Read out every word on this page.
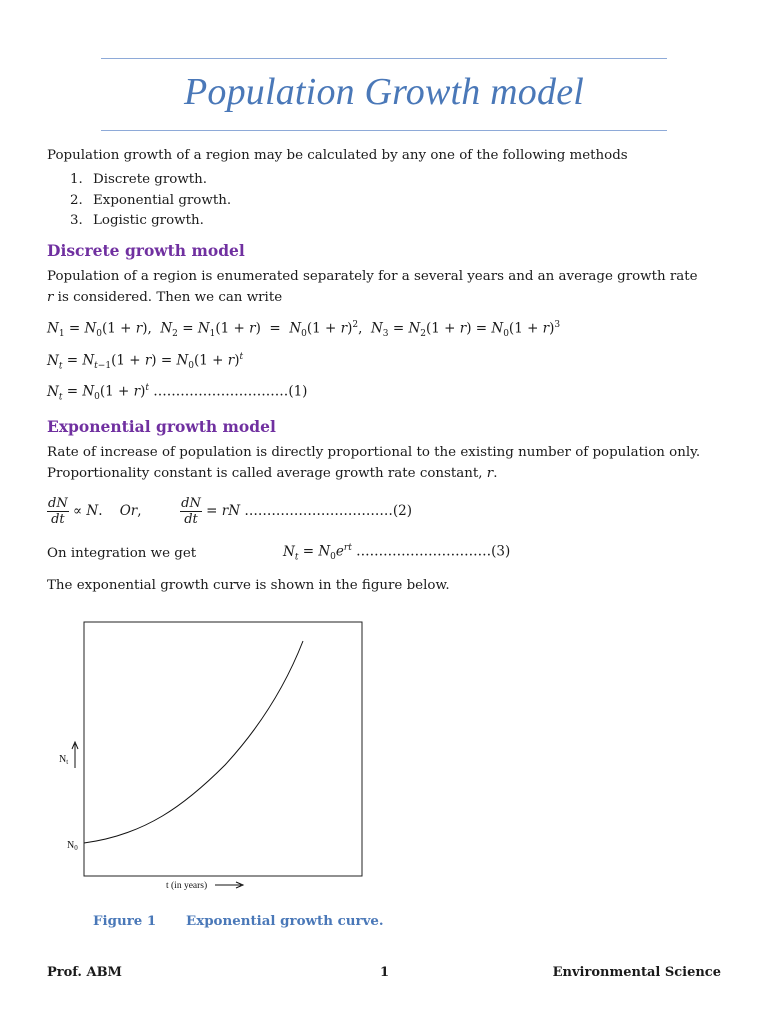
Population Growth model
Population growth of a region may be calculated by any one of the following methods
1. Discrete growth.
2. Exponential growth.
3. Logistic growth.
Discrete growth model
Population of a region is enumerated separately for a several years and an average growth rate
r is considered. Then we can write
$N_1 = N_0(1 + r)$,  $N_2 = N_1(1 + r) = N_0(1 + r)^2$,  $N_3 = N_2(1 + r) = N_0(1 + r)^3$
$N_t = N_{t-1}(1 + r) = N_0(1 + r)^t$
$N_t = N_0(1 + r)^t$ …………………………(1)
Exponential growth model
Rate of increase of population is directly proportional to the existing number of population only.
Proportionality constant is called average growth rate constant, r.
$\frac{dN}{dt} \propto N$.    Or, $\frac{dN}{dt}$ = rN ……………………………(2)
On integration we get	$N_t = N_0e^{rt}$ …………………………(3)
The exponential growth curve is shown in the figure below.
$N_t$
$N_0$
t (in years)
Figure 1 Exponential growth curve.
Prof. ABM	1	Environmental Science
